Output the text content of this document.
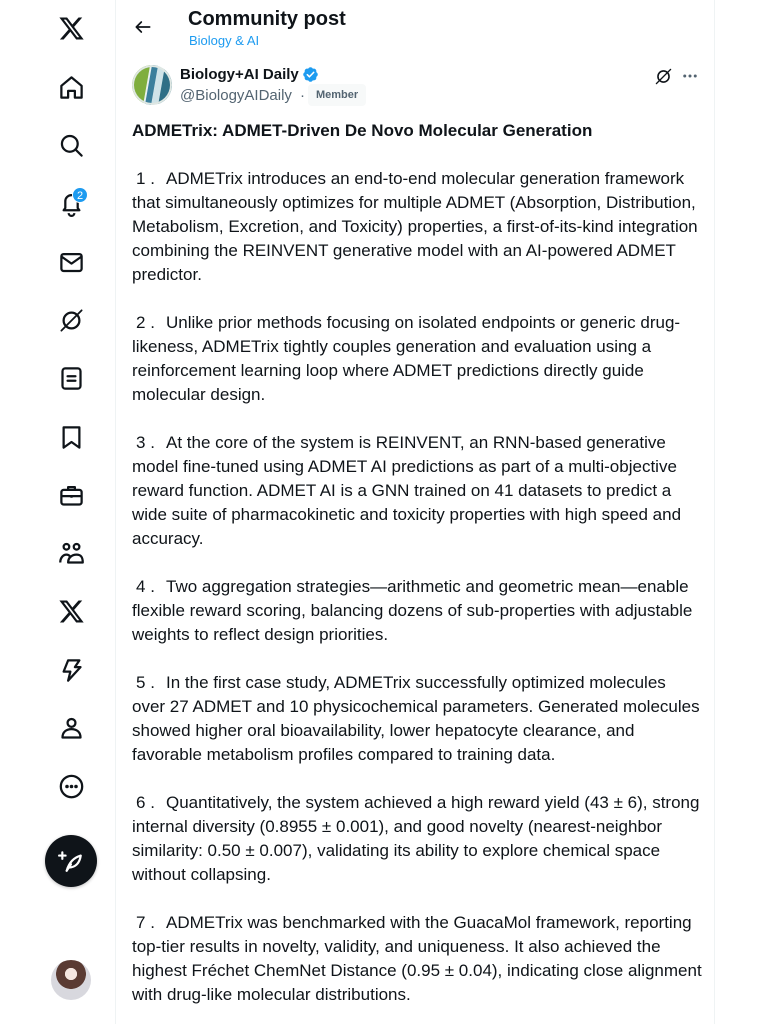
2
Community post
Biology & AI
Biology+AI Daily
@BiologyAIDaily ·	Member
ADMETrix: ADMET-Driven De Novo Molecular Generation

1 . ADMETrix introduces an end-to-end molecular generation framework that simultaneously optimizes for multiple ADMET (Absorption, Distribution, Metabolism, Excretion, and Toxicity) properties, a first-of-its-kind integration combining the REINVENT generative model with an AI-powered ADMET predictor.

2 . Unlike prior methods focusing on isolated endpoints or generic drug-likeness, ADMETrix tightly couples generation and evaluation using a reinforcement learning loop where ADMET predictions directly guide molecular design.

3 . At the core of the system is REINVENT, an RNN-based generative model fine-tuned using ADMET AI predictions as part of a multi-objective reward function. ADMET AI is a GNN trained on 41 datasets to predict a wide suite of pharmacokinetic and toxicity properties with high speed and accuracy.

4 . Two aggregation strategies—arithmetic and geometric mean—enable flexible reward scoring, balancing dozens of sub-properties with adjustable weights to reflect design priorities.

5 . In the first case study, ADMETrix successfully optimized molecules over 27 ADMET and 10 physicochemical parameters. Generated molecules showed higher oral bioavailability, lower hepatocyte clearance, and favorable metabolism profiles compared to training data.

6 . Quantitatively, the system achieved a high reward yield (43 ± 6), strong internal diversity (0.8955 ± 0.001), and good novelty (nearest-neighbor similarity: 0.50 ± 0.007), validating its ability to explore chemical space without collapsing.

7 . ADMETrix was benchmarked with the GuacaMol framework, reporting top-tier results in novelty, validity, and uniqueness. It also achieved the highest Fréchet ChemNet Distance (0.95 ± 0.04), indicating close alignment with drug-like molecular distributions.
